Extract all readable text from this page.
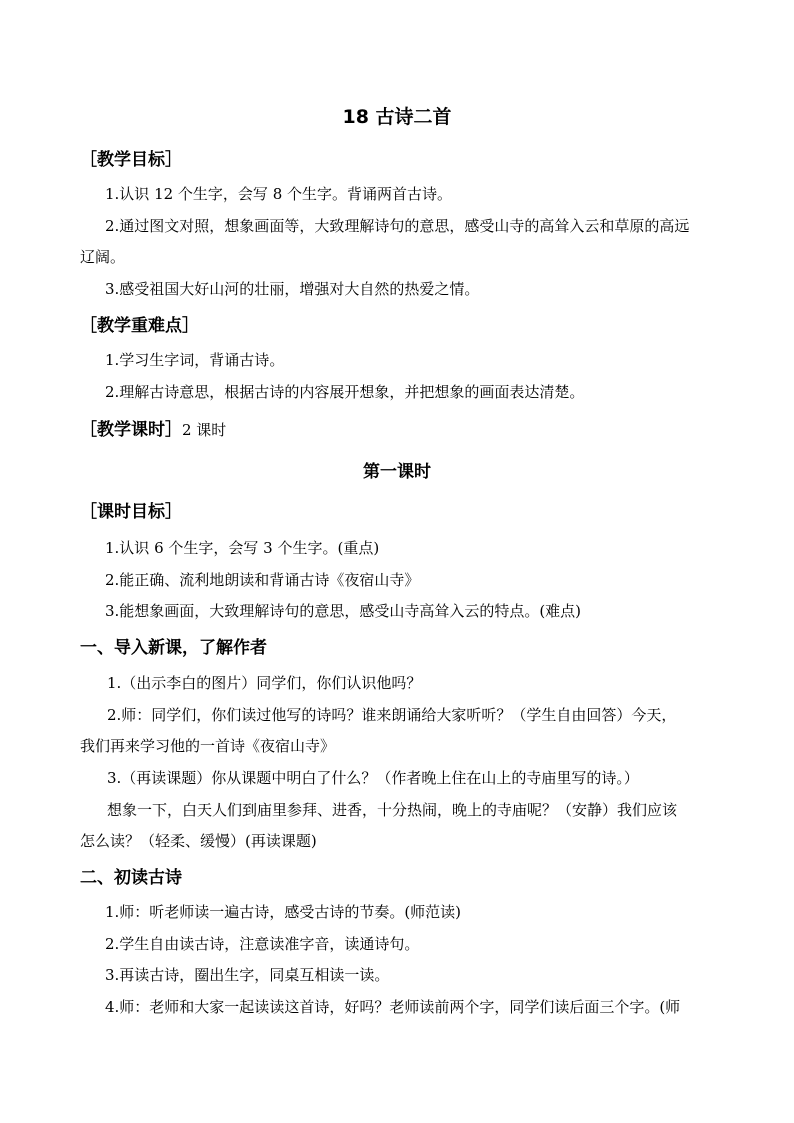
18 古诗二首
［教学目标］
1.认识 12 个生字，会写 8 个生字。背诵两首古诗。
2.通过图文对照，想象画面等，大致理解诗句的意思，感受山寺的高耸入云和草原的高远
辽阔。
3.感受祖国大好山河的壮丽，增强对大自然的热爱之情。
［教学重难点］
1.学习生字词，背诵古诗。
2.理解古诗意思，根据古诗的内容展开想象，并把想象的画面表达清楚。
［教学课时］2 课时
第一课时
［课时目标］
1.认识 6 个生字，会写 3 个生字。(重点)
2.能正确、流利地朗读和背诵古诗《夜宿山寺》
3.能想象画面，大致理解诗句的意思，感受山寺高耸入云的特点。(难点)
一、导入新课，了解作者
1.（出示李白的图片）同学们，你们认识他吗？
2.师：同学们，你们读过他写的诗吗？谁来朗诵给大家听听？（学生自由回答）今天，
我们再来学习他的一首诗《夜宿山寺》
3.（再读课题）你从课题中明白了什么？（作者晚上住在山上的寺庙里写的诗。）
想象一下，白天人们到庙里参拜、进香，十分热闹，晚上的寺庙呢？（安静）我们应该
怎么读？（轻柔、缓慢）(再读课题)
二、初读古诗
1.师：听老师读一遍古诗，感受古诗的节奏。(师范读)
2.学生自由读古诗，注意读准字音，读通诗句。
3.再读古诗，圈出生字，同桌互相读一读。
4.师：老师和大家一起读读这首诗，好吗？老师读前两个字，同学们读后面三个字。(师
